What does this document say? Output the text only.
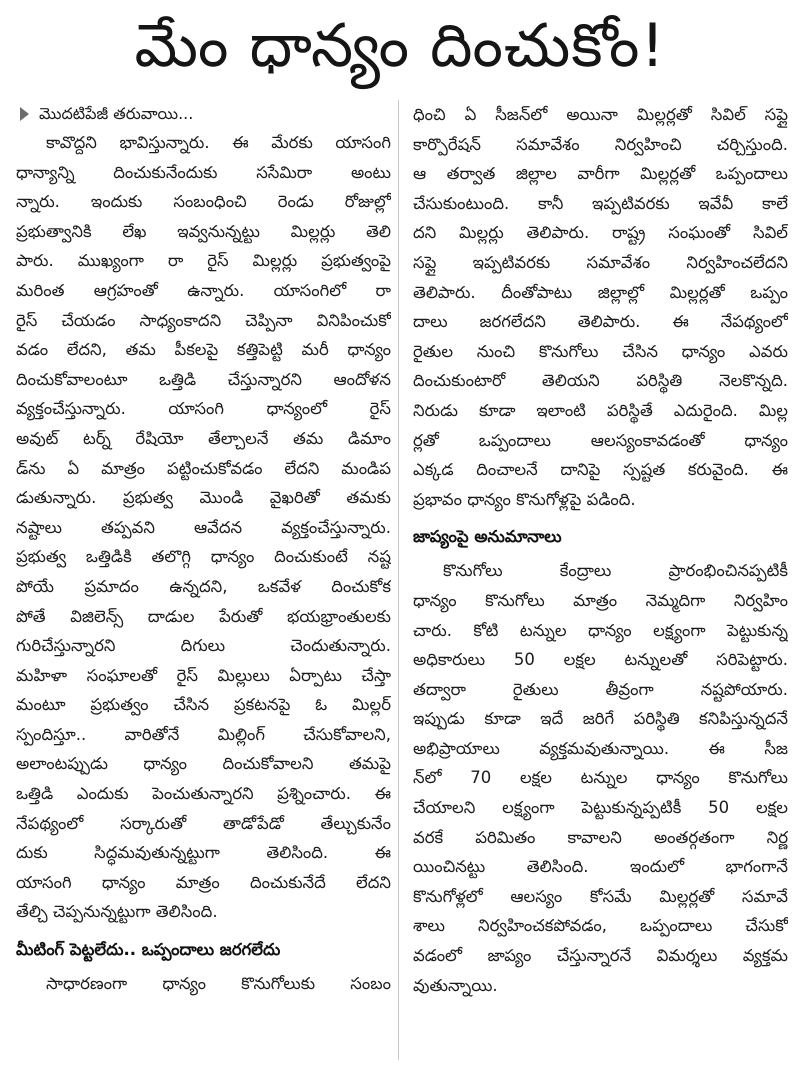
మేం ధాన్యం దించుకోం!
మొదటిపేజీ తరువాయి...
కావొద్దని భావిస్తున్నారు. ఈ మేరకు యాసంగి
ధాన్యాన్ని దించుకునేందుకు ససేమిరా అంటు
న్నారు. ఇందుకు సంబంధించి రెండు రోజుల్లో
ప్రభుత్వానికి లేఖ ఇవ్వనున్నట్టు మిల్లర్లు తెలి
పారు. ముఖ్యంగా రా రైస్ మిల్లర్లు ప్రభుత్వంపై
మరింత ఆగ్రహంతో ఉన్నారు. యాసంగిలో రా
రైస్ చేయడం సాధ్యంకాదని చెప్పినా వినిపించుకో
వడం లేదని, తమ పీకలపై కత్తిపెట్టి మరీ ధాన్యం
దించుకోవాలంటూ ఒత్తిడి చేస్తున్నారని ఆందోళన
వ్యక్తంచేస్తున్నారు. యాసంగి ధాన్యంలో రైస్
అవుట్ టర్న్ రేషియో తేల్చాలనే తమ డిమాం
డ్‌ను ఏ మాత్రం పట్టించుకోవడం లేదని మండిప
డుతున్నారు. ప్రభుత్వ మొండి వైఖరితో తమకు
నష్టాలు తప్పవని ఆవేదన వ్యక్తంచేస్తున్నారు.
ప్రభుత్వ ఒత్తిడికి తలొగ్గి ధాన్యం దించుకుంటే నష్ట
పోయే ప్రమాదం ఉన్నదని, ఒకవేళ దించుకోక
పోతే విజిలెన్స్ దాడుల పేరుతో భయభ్రాంతులకు
గురిచేస్తున్నారని దిగులు చెందుతున్నారు.
మహిళా సంఘాలతో రైస్ మిల్లులు ఏర్పాటు చేస్తా
మంటూ ప్రభుత్వం చేసిన ప్రకటనపై ఓ మిల్లర్
స్పందిస్తూ.. వారితోనే మిల్లింగ్ చేసుకోవాలని,
అలాంటప్పుడు ధాన్యం దించుకోవాలని తమపై
ఒత్తిడి ఎందుకు పెంచుతున్నారని ప్రశ్నించారు. ఈ
నేపథ్యంలో సర్కారుతో తాడోపేడో తేల్చుకునేం
దుకు సిద్ధమవుతున్నట్టుగా తెలిసింది. ఈ
యాసంగి ధాన్యం మాత్రం దించుకునేదే లేదని
తేల్చి చెప్పనున్నట్టుగా తెలిసింది.
మీటింగ్ పెట్టలేదు.. ఒప్పందాలు జరగలేదు
సాధారణంగా ధాన్యం కొనుగోలుకు సంబం
ధించి ఏ సీజన్‌లో అయినా మిల్లర్లతో సివిల్ సప్లై
కార్పొరేషన్ సమావేశం నిర్వహించి చర్చిస్తుంది.
ఆ తర్వాత జిల్లాల వారీగా మిల్లర్లతో ఒప్పందాలు
చేసుకుంటుంది. కానీ ఇప్పటివరకు ఇవేవీ కాలే
దని మిల్లర్లు తెలిపారు. రాష్ట్ర సంఘంతో సివిల్
సప్లై ఇప్పటివరకు సమావేశం నిర్వహించలేదని
తెలిపారు. దీంతోపాటు జిల్లాల్లో మిల్లర్లతో ఒప్పం
దాలు జరగలేదని తెలిపారు. ఈ నేపథ్యంలో
రైతుల నుంచి కొనుగోలు చేసిన ధాన్యం ఎవరు
దించుకుంటారో తెలియని పరిస్థితి నెలకొన్నది.
నిరుడు కూడా ఇలాంటి పరిస్థితే ఎదురైంది. మిల్ల
ర్లతో ఒప్పందాలు ఆలస్యంకావడంతో ధాన్యం
ఎక్కడ దించాలనే దానిపై స్పష్టత కరువైంది. ఈ
ప్రభావం ధాన్యం కొనుగోళ్లపై పడింది.
జాప్యంపై అనుమానాలు
కొనుగోలు కేంద్రాలు ప్రారంభించినప్పటికీ
ధాన్యం కొనుగోలు మాత్రం నెమ్మదిగా నిర్వహిం
చారు. కోటి టన్నుల ధాన్యం లక్ష్యంగా పెట్టుకున్న
అధికారులు 50 లక్షల టన్నులతో సరిపెట్టారు.
తద్వారా రైతులు తీవ్రంగా నష్టపోయారు.
ఇప్పుడు కూడా ఇదే జరిగే పరిస్థితి కనిపిస్తున్నదనే
అభిప్రాయాలు వ్యక్తమవుతున్నాయి. ఈ సీజ
న్‌లో 70 లక్షల టన్నుల ధాన్యం కొనుగోలు
చేయాలని లక్ష్యంగా పెట్టుకున్నప్పటికీ 50 లక్షల
వరకే పరిమితం కావాలని అంతర్గతంగా నిర్ణ
యించినట్టు తెలిసింది. ఇందులో భాగంగానే
కొనుగోళ్లలో ఆలస్యం కోసమే మిల్లర్లతో సమావే
శాలు నిర్వహించకపోవడం, ఒప్పందాలు చేసుకో
వడంలో జాప్యం చేస్తున్నారనే విమర్శలు వ్యక్తమ
వుతున్నాయి.
